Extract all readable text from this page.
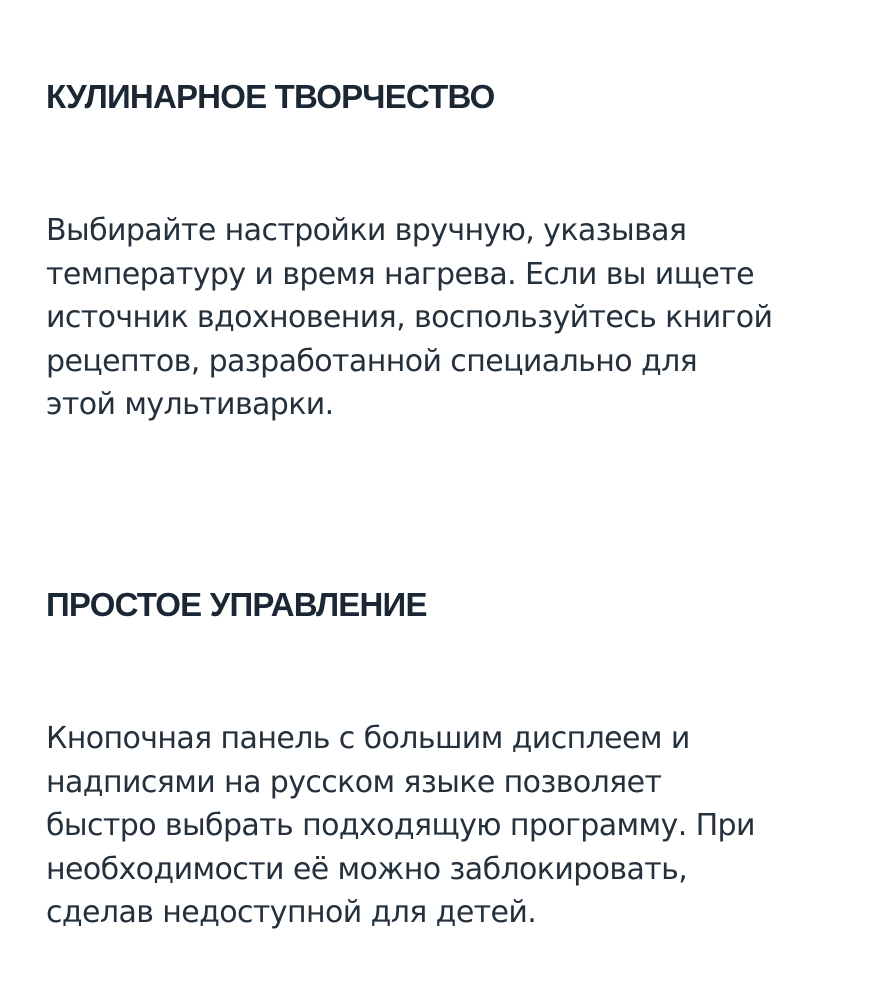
КУЛИНАРНОЕ ТВОРЧЕСТВО

Выбирайте настройки вручную, указывая
температуру и время нагрева. Если вы ищете
источник вдохновения, воспользуйтесь книгой
рецептов, разработанной специально для
этой мультиварки.

ПРОСТОЕ УПРАВЛЕНИЕ

Кнопочная панель с большим дисплеем и
надписями на русском языке позволяет
быстро выбрать подходящую программу. При
необходимости её можно заблокировать,
сделав недоступной для детей.
